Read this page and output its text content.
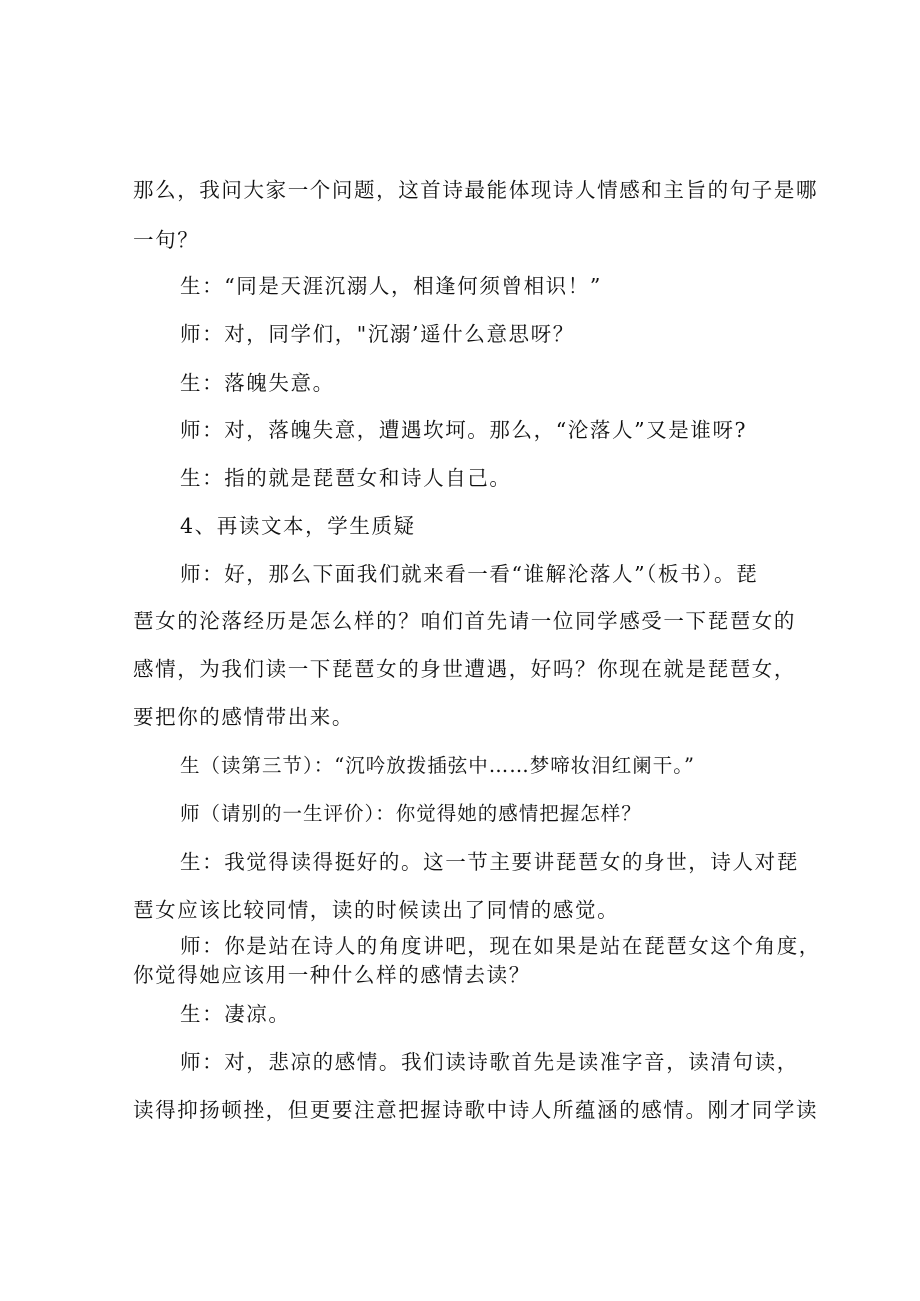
那么，我问大家一个问题，这首诗最能体现诗人情感和主旨的句子是哪
一句？
生：“同是天涯沉溺人，相逢何须曾相识！”
师：对，同学们，"沉溺’遥什么意思呀？
生：落魄失意。
师：对，落魄失意，遭遇坎坷。那么，“沦落人”又是谁呀?
生：指的就是琵琶女和诗人自己。
4、再读文本，学生质疑
师：好，那么下面我们就来看一看“谁解沦落人”（板书）。琵
琶女的沦落经历是怎么样的？咱们首先请一位同学感受一下琵琶女的
感情，为我们读一下琵琶女的身世遭遇，好吗？你现在就是琵琶女，
要把你的感情带出来。
生（读第三节）：“沉吟放拨插弦中……梦啼妆泪红阑干。”
师（请别的一生评价）：你觉得她的感情把握怎样？
生：我觉得读得挺好的。这一节主要讲琵琶女的身世，诗人对琵
琶女应该比较同情，读的时候读出了同情的感觉。
师：你是站在诗人的角度讲吧，现在如果是站在琵琶女这个角度，
你觉得她应该用一种什么样的感情去读？
生：凄凉。
师：对，悲凉的感情。我们读诗歌首先是读准字音，读清句读，
读得抑扬顿挫，但更要注意把握诗歌中诗人所蕴涵的感情。刚才同学读
